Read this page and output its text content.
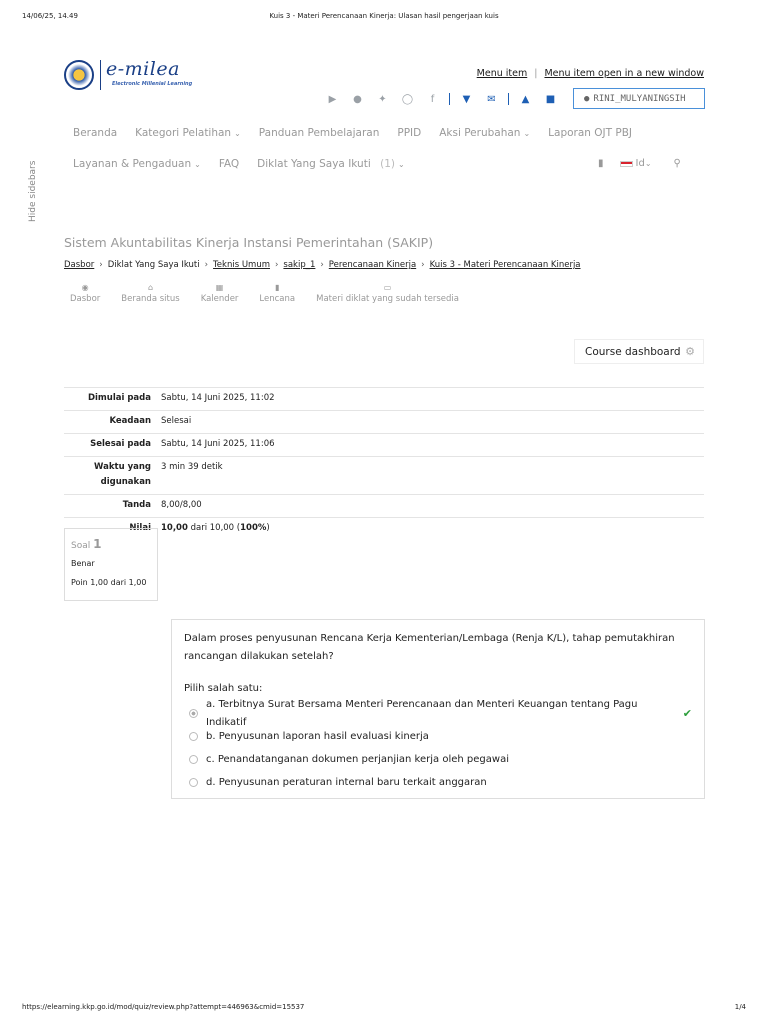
14/06/25, 14.49	Kuis 3 - Materi Perencanaan Kinerja: Ulasan hasil pengerjaan kuis
Hide sidebars
e-milea
Electronic Millenial Learning
Menu item | Menu item open in a new window
▶	●	✦	◯	f	▼	✉	▲	■	● RINI_MULYANINGSIH
Beranda Kategori Pelatihan ⌄ Panduan Pembelajaran PPID Aksi Perubahan ⌄ Laporan OJT PBJ
Layanan & Pengaduan ⌄ FAQ Diklat Yang Saya Ikuti
(1) ⌄	▮	Id ⌄ ⚲
Sistem Akuntabilitas Kinerja Instansi Pemerintahan (SAKIP)
Dasbor › Diklat Yang Saya Ikuti › Teknis Umum › sakip_1 › Perencanaan Kinerja › Kuis 3 - Materi Perencanaan Kinerja
◉
Dasbor
⌂
Beranda situs
▦
Kalender
▮
Lencana
▭
Materi diklat yang sudah tersedia
Course dashboard ⚙
Dimulai pada	Sabtu, 14 Juni 2025, 11:02
Keadaan	Selesai
Selesai pada	Sabtu, 14 Juni 2025, 11:06
Waktu yang digunakan	3 min 39 detik
Tanda	8,00/8,00
Nilai	10,00 dari 10,00 (100%)
Soal 1
Benar
Poin 1,00 dari 1,00
Dalam proses penyusunan Rencana Kerja Kementerian/Lembaga (Renja K/L), tahap pemutakhiran rancangan dilakukan setelah?
Pilih salah satu:
a. Terbitnya Surat Bersama Menteri Perencanaan dan Menteri Keuangan tentang Pagu Indikatif
✔
b. Penyusunan laporan hasil evaluasi kinerja
c. Penandatanganan dokumen perjanjian kerja oleh pegawai
d. Penyusunan peraturan internal baru terkait anggaran
https://elearning.kkp.go.id/mod/quiz/review.php?attempt=446963&cmid=15537	1/4
